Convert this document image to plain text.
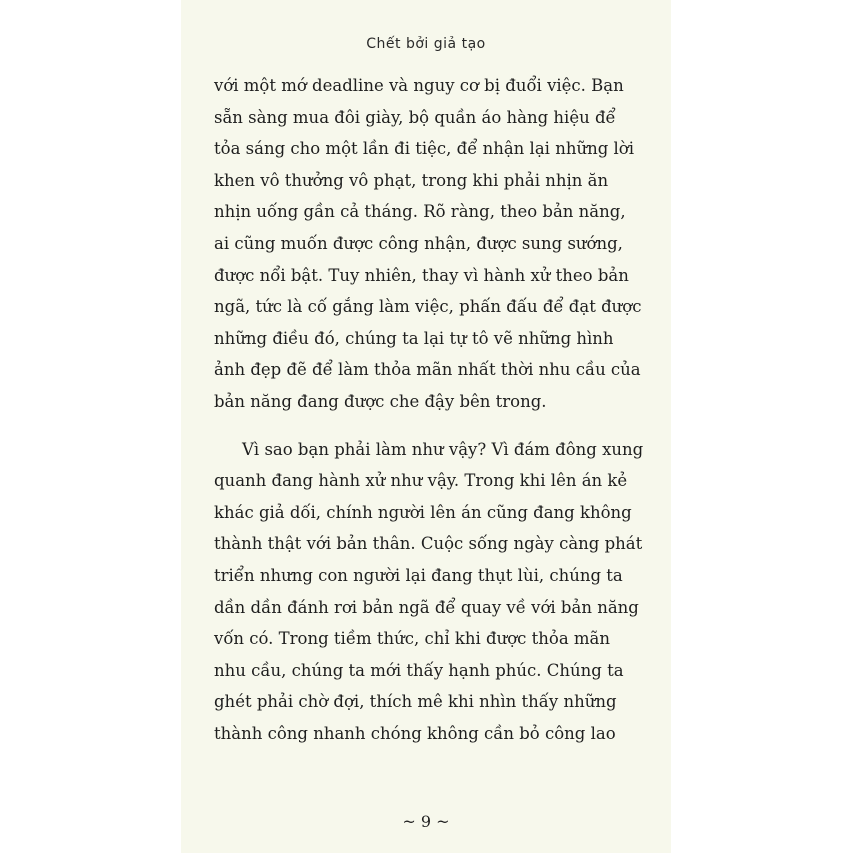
Chết bởi giả tạo
với một mớ deadline và nguy cơ bị đuổi việc. Bạn
sẵn sàng mua đôi giày, bộ quần áo hàng hiệu để
tỏa sáng cho một lần đi tiệc, để nhận lại những lời
khen vô thưởng vô phạt, trong khi phải nhịn ăn
nhịn uống gần cả tháng. Rõ ràng, theo bản năng,
ai cũng muốn được công nhận, được sung sướng,
được nổi bật. Tuy nhiên, thay vì hành xử theo bản
ngã, tức là cố gắng làm việc, phấn đấu để đạt được
những điều đó, chúng ta lại tự tô vẽ những hình
ảnh đẹp đẽ để làm thỏa mãn nhất thời nhu cầu của
bản năng đang được che đậy bên trong.
Vì sao bạn phải làm như vậy? Vì đám đông xung
quanh đang hành xử như vậy. Trong khi lên án kẻ
khác giả dối, chính người lên án cũng đang không
thành thật với bản thân. Cuộc sống ngày càng phát
triển nhưng con người lại đang thụt lùi, chúng ta
dần dần đánh rơi bản ngã để quay về với bản năng
vốn có. Trong tiềm thức, chỉ khi được thỏa mãn
nhu cầu, chúng ta mới thấy hạnh phúc. Chúng ta
ghét phải chờ đợi, thích mê khi nhìn thấy những
thành công nhanh chóng không cần bỏ công lao
~ 9 ~
